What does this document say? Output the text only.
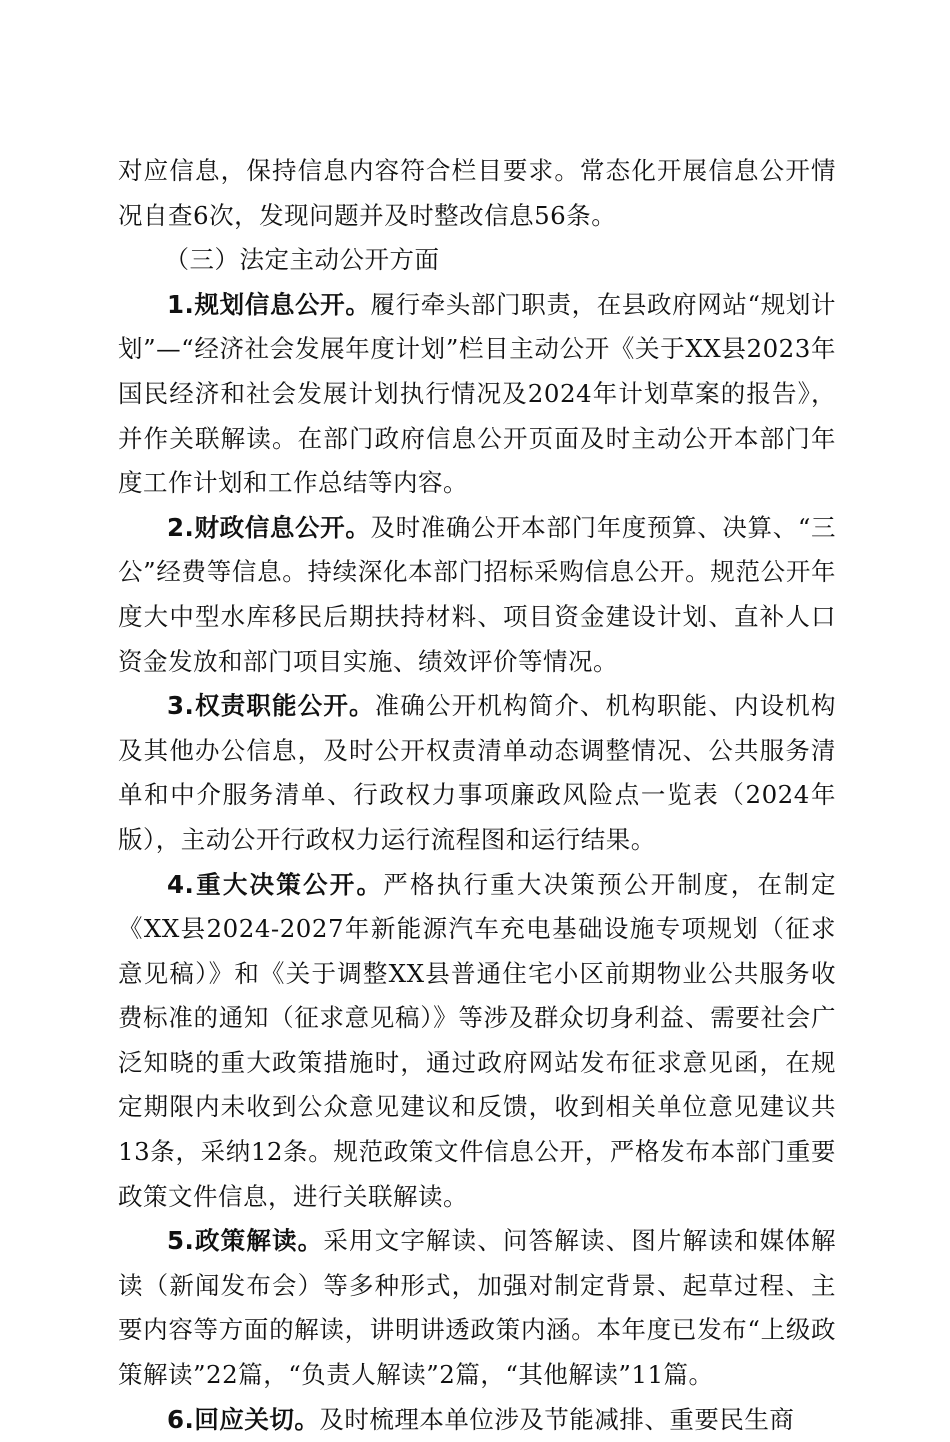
对应信息，保持信息内容符合栏目要求。常态化开展信息公开情况自查6次，发现问题并及时整改信息56条。

（三）法定主动公开方面

1.规划信息公开。履行牵头部门职责，在县政府网站“规划计划”—“经济社会发展年度计划”栏目主动公开《关于XX县2023年国民经济和社会发展计划执行情况及2024年计划草案的报告》，并作关联解读。在部门政府信息公开页面及时主动公开本部门年度工作计划和工作总结等内容。

2.财政信息公开。及时准确公开本部门年度预算、决算、“三公”经费等信息。持续深化本部门招标采购信息公开。规范公开年度大中型水库移民后期扶持材料、项目资金建设计划、直补人口资金发放和部门项目实施、绩效评价等情况。

3.权责职能公开。准确公开机构简介、机构职能、内设机构及其他办公信息，及时公开权责清单动态调整情况、公共服务清单和中介服务清单、行政权力事项廉政风险点一览表（2024年版），主动公开行政权力运行流程图和运行结果。

4.重大决策公开。严格执行重大决策预公开制度，在制定《XX县2024-2027年新能源汽车充电基础设施专项规划（征求意见稿）》和《关于调整XX县普通住宅小区前期物业公共服务收费标准的通知（征求意见稿）》等涉及群众切身利益、需要社会广泛知晓的重大政策措施时，通过政府网站发布征求意见函，在规定期限内未收到公众意见建议和反馈，收到相关单位意见建议共13条，采纳12条。规范政策文件信息公开，严格发布本部门重要政策文件信息，进行关联解读。

5.政策解读。采用文字解读、问答解读、图片解读和媒体解读（新闻发布会）等多种形式，加强对制定背景、起草过程、主要内容等方面的解读，讲明讲透政策内涵。本年度已发布“上级政策解读”22篇，“负责人解读”2篇，“其他解读”11篇。

6.回应关切。及时梳理本单位涉及节能减排、重要民生商
